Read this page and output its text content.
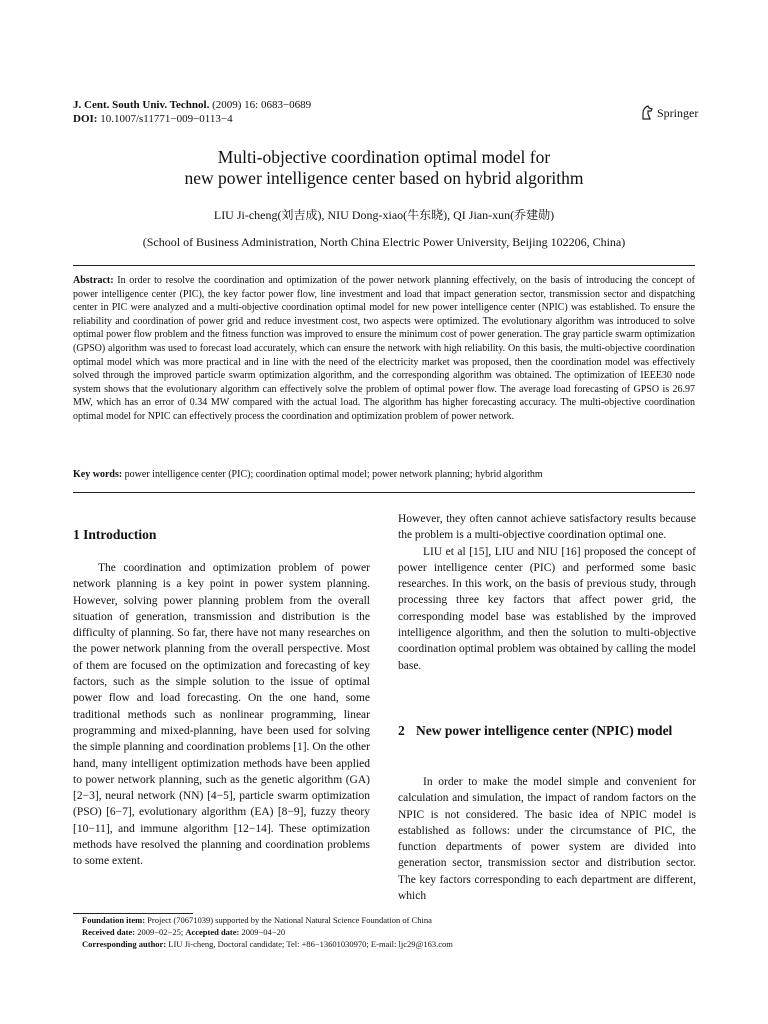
J. Cent. South Univ. Technol. (2009) 16: 0683−0689
DOI: 10.1007/s11771−009−0113−4	Springer
Multi-objective coordination optimal model for
new power intelligence center based on hybrid algorithm
LIU Ji-cheng(刘吉成), NIU Dong-xiao(牛东晓), QI Jian-xun(乔建勋)
(School of Business Administration, North China Electric Power University, Beijing 102206, China)
Abstract: In order to resolve the coordination and optimization of the power network planning effectively, on the basis of introducing the concept of power intelligence center (PIC), the key factor power flow, line investment and load that impact generation sector, transmission sector and dispatching center in PIC were analyzed and a multi-objective coordination optimal model for new power intelligence center (NPIC) was established. To ensure the reliability and coordination of power grid and reduce investment cost, two aspects were optimized. The evolutionary algorithm was introduced to solve optimal power flow problem and the fitness function was improved to ensure the minimum cost of power generation. The gray particle swarm optimization (GPSO) algorithm was used to forecast load accurately, which can ensure the network with high reliability. On this basis, the multi-objective coordination optimal model which was more practical and in line with the need of the electricity market was proposed, then the coordination model was effectively solved through the improved particle swarm optimization algorithm, and the corresponding algorithm was obtained. The optimization of IEEE30 node system shows that the evolutionary algorithm can effectively solve the problem of optimal power flow. The average load forecasting of GPSO is 26.97 MW, which has an error of 0.34 MW compared with the actual load. The algorithm has higher forecasting accuracy. The multi-objective coordination optimal model for NPIC can effectively process the coordination and optimization problem of power network.
Key words: power intelligence center (PIC); coordination optimal model; power network planning; hybrid algorithm
1 Introduction

The coordination and optimization problem of power network planning is a key point in power system planning. However, solving power planning problem from the overall situation of generation, transmission and distribution is the difficulty of planning. So far, there have not many researches on the power network planning from the overall perspective. Most of them are focused on the optimization and forecasting of key factors, such as the simple solution to the issue of optimal power flow and load forecasting. On the one hand, some traditional methods such as nonlinear programming, linear programming and mixed-planning, have been used for solving the simple planning and coordination problems [1]. On the other hand, many intelligent optimization methods have been applied to power network planning, such as the genetic algorithm (GA) [2−3], neural network (NN) [4−5], particle swarm optimization (PSO) [6−7], evolutionary algorithm (EA) [8−9], fuzzy theory [10−11], and immune algorithm [12−14]. These optimization methods have resolved the planning and coordination problems to some extent.

However, they often cannot achieve satisfactory results because the problem is a multi-objective coordination optimal one.

LIU et al [15], LIU and NIU [16] proposed the concept of power intelligence center (PIC) and performed some basic researches. In this work, on the basis of previous study, through processing three key factors that affect power grid, the corresponding model base was established by the improved intelligence algorithm, and then the solution to multi-objective coordination optimal problem was obtained by calling the model base.

2 New power intelligence center (NPIC) model

In order to make the model simple and convenient for calculation and simulation, the impact of random factors on the NPIC is not considered. The basic idea of NPIC model is established as follows: under the circumstance of PIC, the function departments of power system are divided into generation sector, transmission sector and distribution sector. The key factors corresponding to each department are different, which

Foundation item: Project (70671039) supported by the National Natural Science Foundation of China
Received date: 2009−02−25; Accepted date: 2009−04−20
Corresponding author: LIU Ji-cheng, Doctoral candidate; Tel: +86−13601030970; E-mail: ljc29@163.com
